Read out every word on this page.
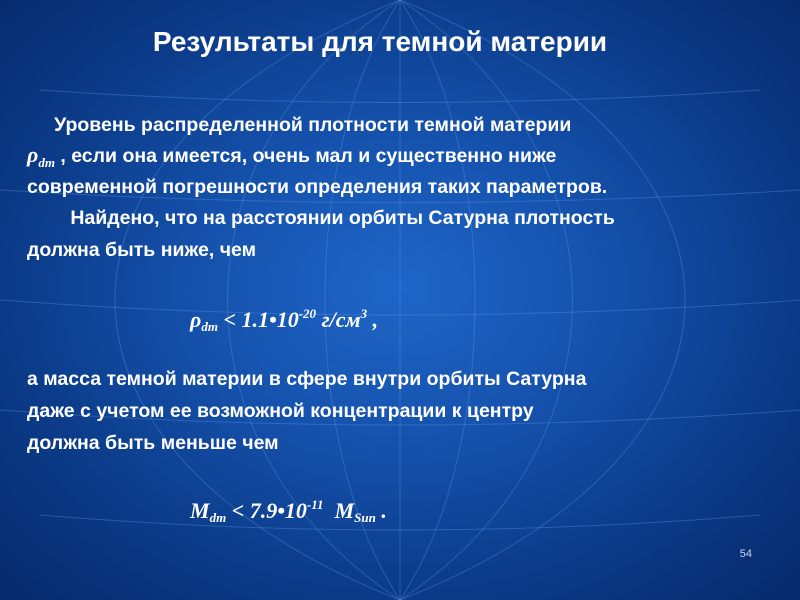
Результаты для темной материи
Уровень распределенной плотности темной материи
$\rho_{dm}$ , если она имеется, очень мал и существенно ниже
современной погрешности определения таких параметров.
Найдено, что на расстоянии орбиты Сатурна плотность
должна быть ниже, чем
$\rho_{dm}$ < $1.1•10^{-20}$ $г/см^3$ ,
а масса темной материи в сфере внутри орбиты Сатурна
даже с учетом ее возможной концентрации к центру
должна быть меньше чем
$M_{dm}$ < $7.9•10^{-11}$  $M_{Sun}$ .
54
